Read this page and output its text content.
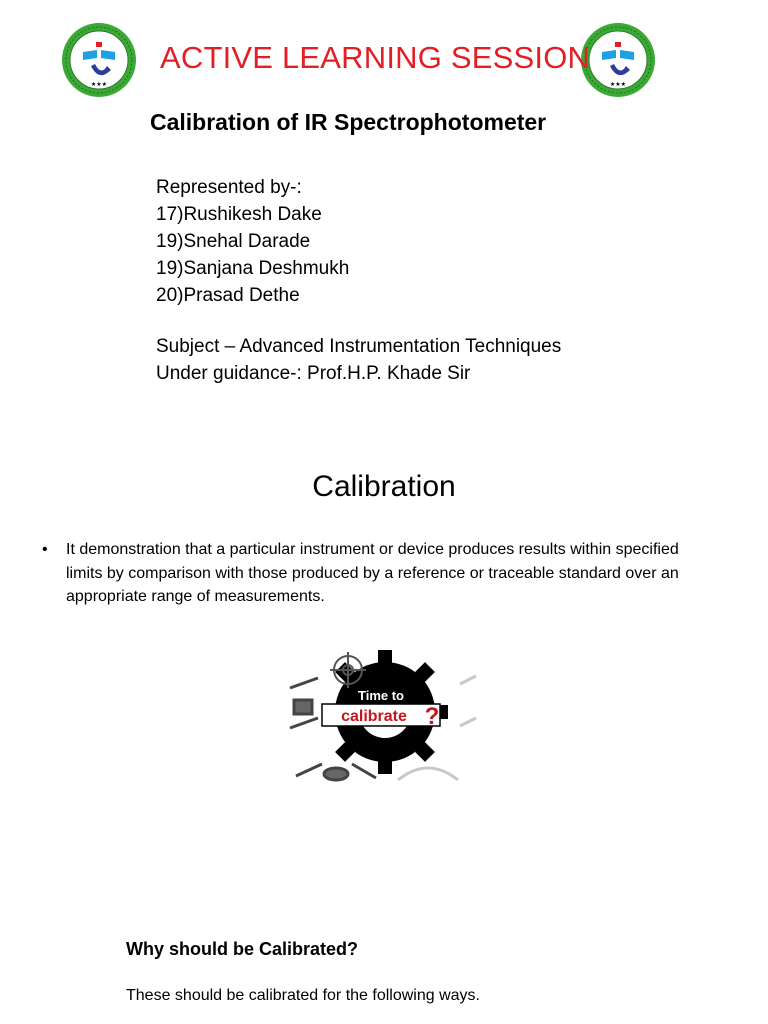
★★★	★★★
ACTIVE LEARNING SESSION
Calibration of IR Spectrophotometer
Represented by-:
17)Rushikesh Dake
19)Snehal Darade
19)Sanjana Deshmukh
20)Prasad Dethe
Subject – Advanced Instrumentation Techniques
Under guidance-: Prof.H.P. Khade Sir
Calibration
•	It demonstration that a particular instrument or device produces results within specified limits by comparison with those produced by a reference or traceable standard over an appropriate range of measurements.
Time to
calibrate ?
Why should be Calibrated?
These should be calibrated for the following ways.
